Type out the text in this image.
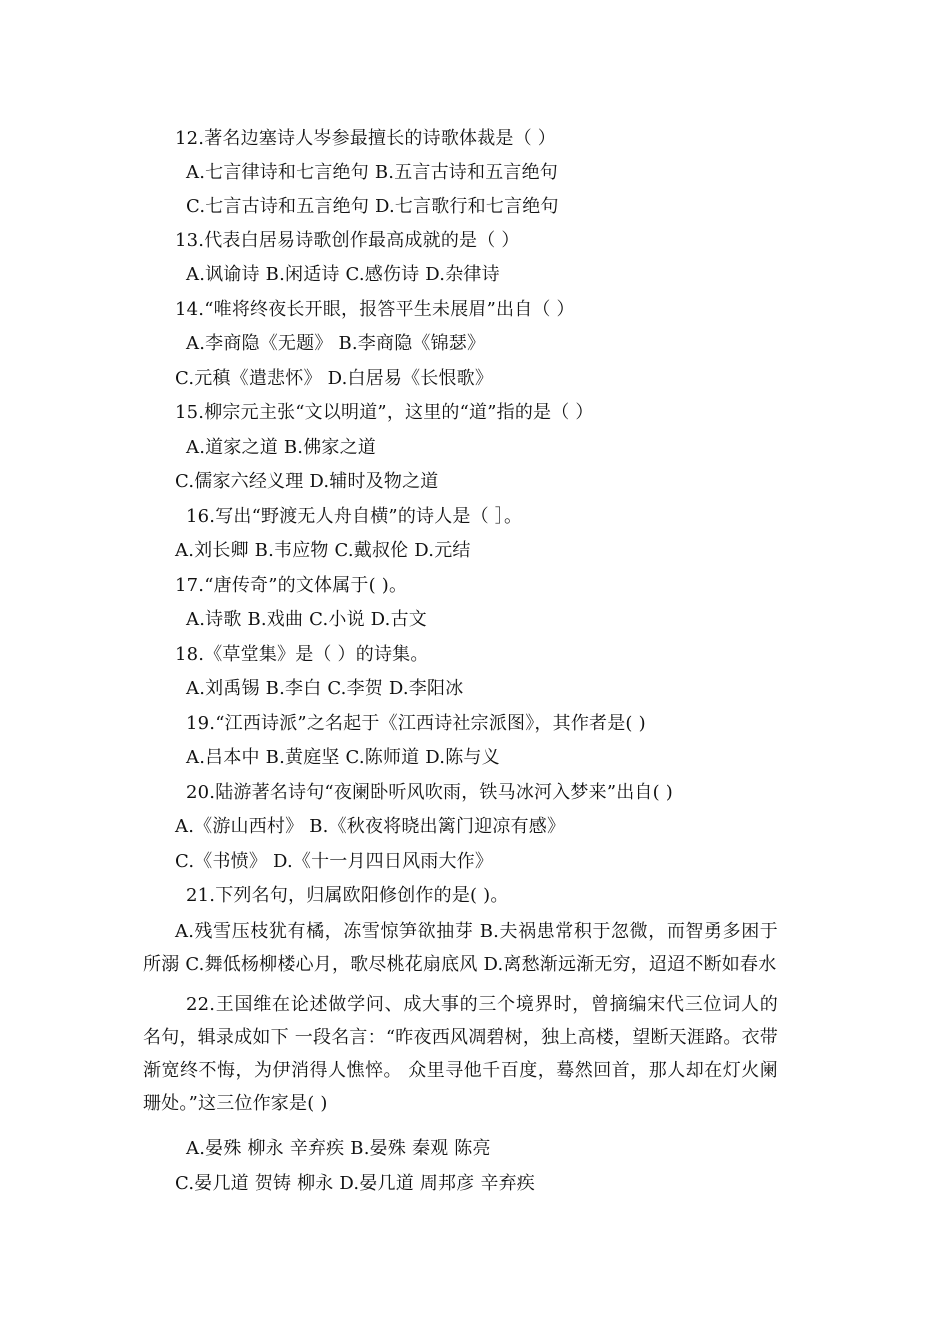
12.著名边塞诗人岑参最擅长的诗歌体裁是（ ）
A.七言律诗和七言绝句 B.五言古诗和五言绝句
C.七言古诗和五言绝句 D.七言歌行和七言绝句
13.代表白居易诗歌创作最高成就的是（ ）
A.讽谕诗 B.闲适诗 C.感伤诗 D.杂律诗
14.“唯将终夜长开眼，报答平生未展眉”出自（ ）
A.李商隐《无题》 B.李商隐《锦瑟》
C.元稹《遣悲怀》 D.白居易《长恨歌》
15.柳宗元主张“文以明道”，这里的“道”指的是（ ）
A.道家之道 B.佛家之道
C.儒家六经义理 D.辅时及物之道
16.写出“野渡无人舟自横”的诗人是（ ］。
A.刘长卿 B.韦应物 C.戴叔伦 D.元结
17.“唐传奇”的文体属于( )。
A.诗歌 B.戏曲 C.小说 D.古文
18.《草堂集》是（ ）的诗集。
A.刘禹锡 B.李白 C.李贺 D.李阳冰
19.“江西诗派”之名起于《江西诗社宗派图》，其作者是( )
A.吕本中 B.黄庭坚 C.陈师道 D.陈与义
20.陆游著名诗句“夜阑卧听风吹雨，铁马冰河入梦来”出自( )
A.《游山西村》 B.《秋夜将晓出篱门迎凉有感》
C.《书愤》 D.《十一月四日风雨大作》
21.下列名句，归属欧阳修创作的是( )。
A.残雪压枝犹有橘，冻雪惊笋欲抽芽 B.夫祸患常积于忽微，而智勇多困于所溺 C.舞低杨柳楼心月，歌尽桃花扇底风 D.离愁渐远渐无穷，迢迢不断如春水
22.王国维在论述做学问、成大事的三个境界时，曾摘编宋代三位词人的名句，辑录成如下 一段名言：“昨夜西风凋碧树，独上高楼，望断天涯路。衣带渐宽终不悔，为伊消得人憔悴。 众里寻他千百度，蓦然回首，那人却在灯火阑珊处。”这三位作家是( )
A.晏殊 柳永 辛弃疾 B.晏殊 秦观 陈亮
C.晏几道 贺铸 柳永 D.晏几道 周邦彦 辛弃疾
